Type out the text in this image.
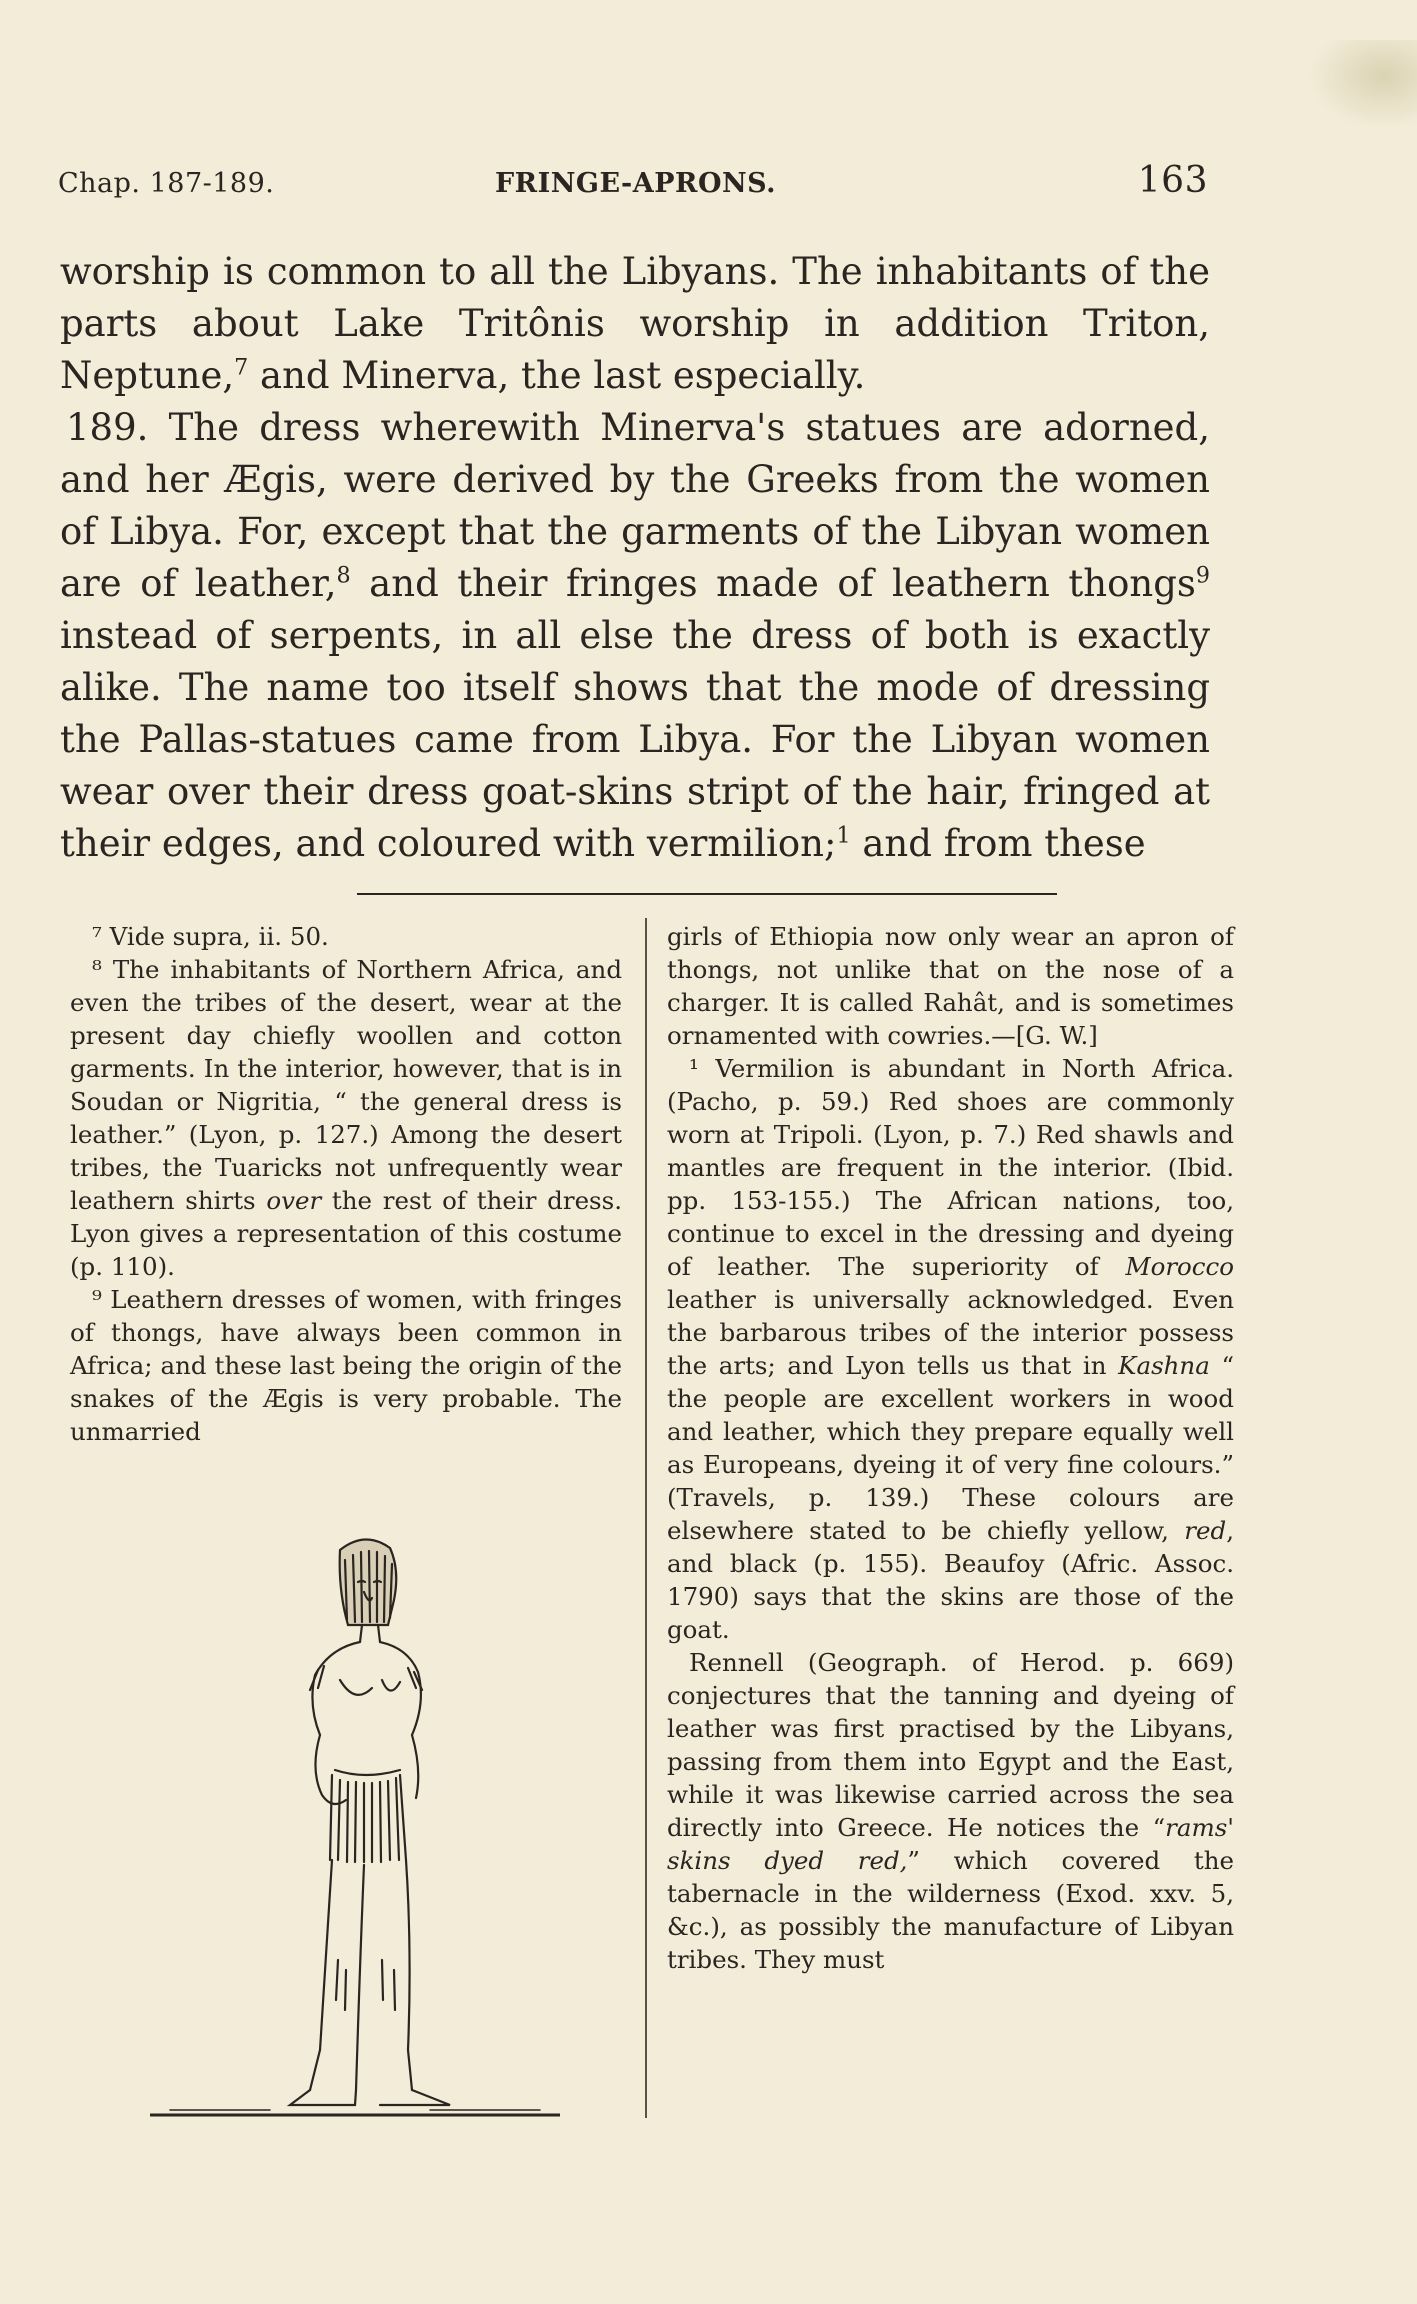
Chap. 187-189.	FRINGE-APRONS.	163

worship is common to all the Libyans. The inhabitants of the parts about Lake Tritônis worship in addition Triton, Neptune,$^7$ and Minerva, the last especially.

189. The dress wherewith Minerva's statues are adorned, and her Ægis, were derived by the Greeks from the women of Libya. For, except that the garments of the Libyan women are of leather,$^8$ and their fringes made of leathern thongs$^9$ instead of serpents, in all else the dress of both is exactly alike. The name too itself shows that the mode of dressing the Pallas-statues came from Libya. For the Libyan women wear over their dress goat-skins stript of the hair, fringed at their edges, and coloured with vermilion;$^1$ and from these

⁷ Vide supra, ii. 50.

⁸ The inhabitants of Northern Africa, and even the tribes of the desert, wear at the present day chiefly woollen and cotton garments. In the interior, however, that is in Soudan or Nigritia, “ the general dress is leather.” (Lyon, p. 127.) Among the desert tribes, the Tuaricks not unfrequently wear leathern shirts over the rest of their dress. Lyon gives a representation of this costume (p. 110).

⁹ Leathern dresses of women, with fringes of thongs, have always been common in Africa; and these last being the origin of the snakes of the Ægis is very probable. The unmarried

girls of Ethiopia now only wear an apron of thongs, not unlike that on the nose of a charger. It is called Rahât, and is sometimes ornamented with cowries.—[G. W.]

¹ Vermilion is abundant in North Africa. (Pacho, p. 59.) Red shoes are commonly worn at Tripoli. (Lyon, p. 7.) Red shawls and mantles are frequent in the interior. (Ibid. pp. 153-155.) The African nations, too, continue to excel in the dressing and dyeing of leather. The superiority of Morocco leather is universally acknowledged. Even the barbarous tribes of the interior possess the arts; and Lyon tells us that in Kashna “ the people are excellent workers in wood and leather, which they prepare equally well as Europeans, dyeing it of very fine colours.” (Travels, p. 139.) These colours are elsewhere stated to be chiefly yellow, red, and black (p. 155). Beaufoy (Afric. Assoc. 1790) says that the skins are those of the goat.

Rennell (Geograph. of Herod. p. 669) conjectures that the tanning and dyeing of leather was first practised by the Libyans, passing from them into Egypt and the East, while it was likewise carried across the sea directly into Greece. He notices the “rams' skins dyed red,” which covered the tabernacle in the wilderness (Exod. xxv. 5, &c.), as possibly the manufacture of Libyan tribes. They must
